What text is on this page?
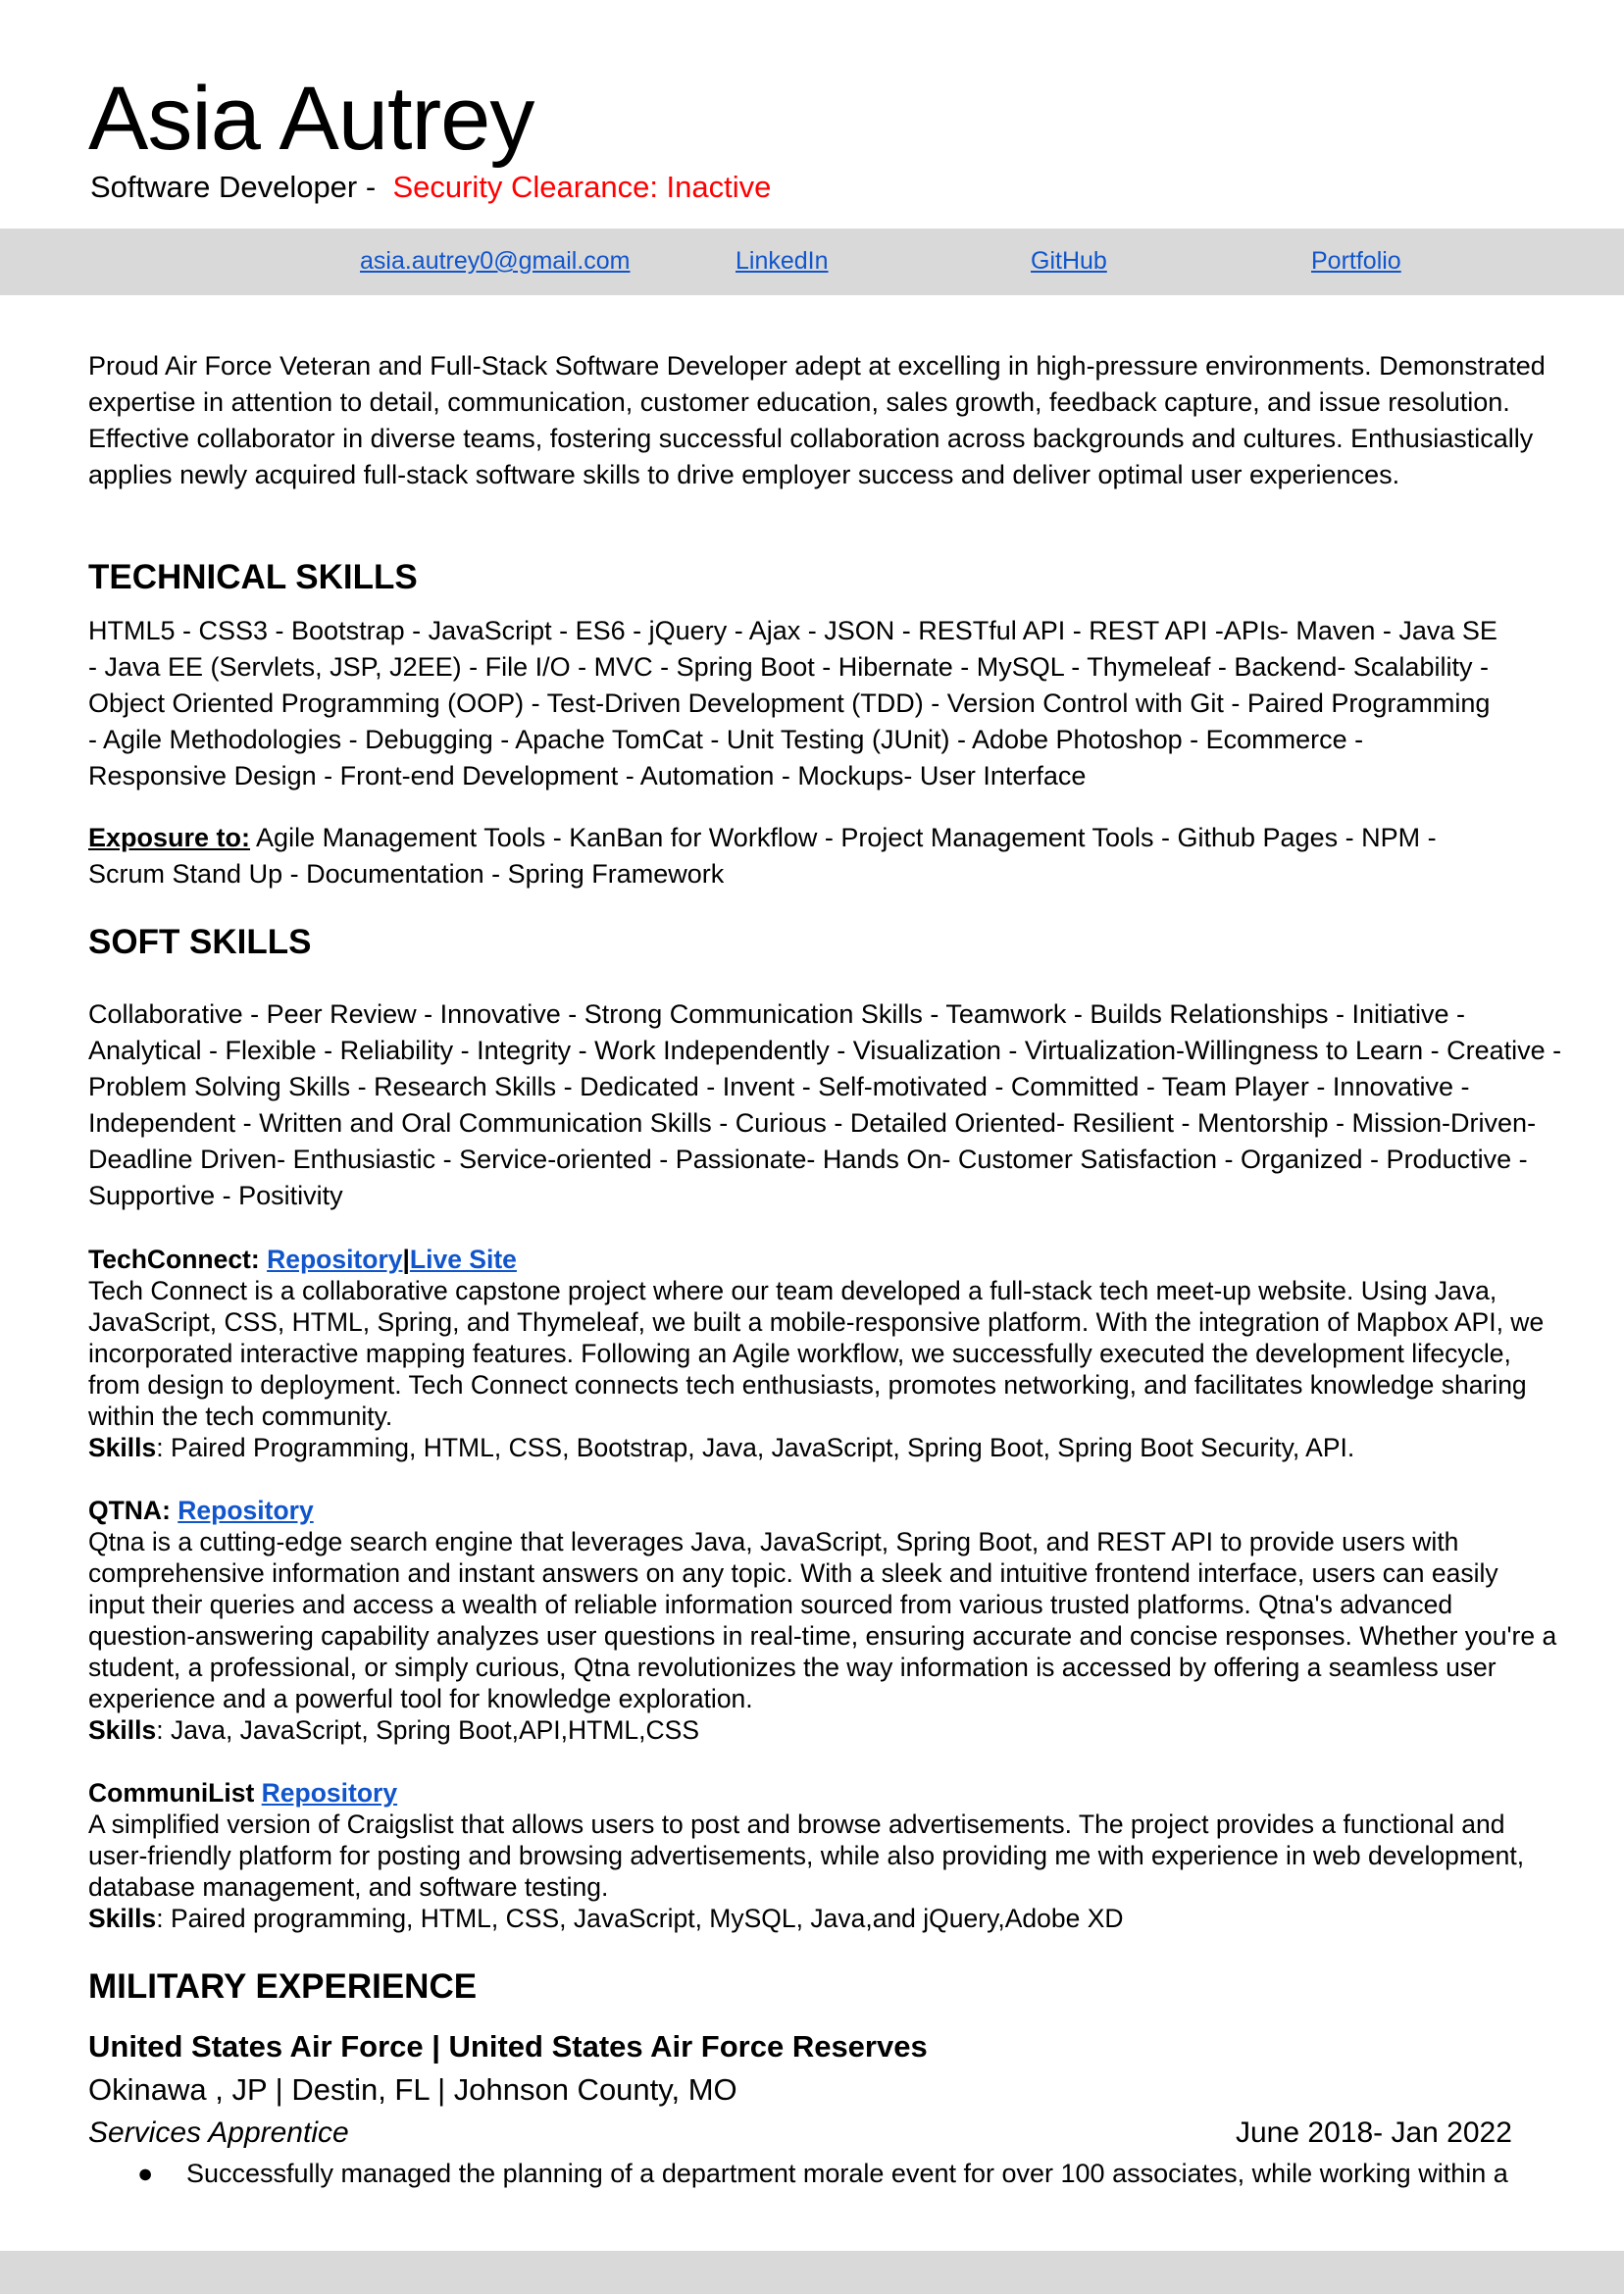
Asia Autrey
Software Developer -  Security Clearance: Inactive
asia.autrey0@gmail.com	LinkedIn	GitHub	Portfolio
Proud Air Force Veteran and Full-Stack Software Developer adept at excelling in high-pressure environments. Demonstrated expertise in attention to detail, communication, customer education, sales growth, feedback capture, and issue resolution. Effective collaborator in diverse teams, fostering successful collaboration across backgrounds and cultures. Enthusiastically applies newly acquired full-stack software skills to drive employer success and deliver optimal user experiences.
TECHNICAL SKILLS
HTML5 - CSS3 - Bootstrap - JavaScript - ES6 - jQuery - Ajax - JSON - RESTful API - REST API -APIs- Maven - Java SE - Java EE (Servlets, JSP, J2EE) - File I/O - MVC - Spring Boot - Hibernate - MySQL - Thymeleaf - Backend- Scalability - Object Oriented Programming (OOP) - Test-Driven Development (TDD) - Version Control with Git - Paired Programming - Agile Methodologies - Debugging - Apache TomCat - Unit Testing (JUnit) - Adobe Photoshop - Ecommerce - Responsive Design - Front-end Development - Automation - Mockups- User Interface
Exposure to: Agile Management Tools - KanBan for Workflow - Project Management Tools - Github Pages - NPM - Scrum Stand Up - Documentation - Spring Framework
SOFT SKILLS
Collaborative - Peer Review - Innovative - Strong Communication Skills - Teamwork - Builds Relationships - Initiative - Analytical - Flexible - Reliability - Integrity - Work Independently - Visualization - Virtualization-Willingness to Learn - Creative - Problem Solving Skills - Research Skills - Dedicated - Invent - Self-motivated - Committed - Team Player - Innovative - Independent - Written and Oral Communication Skills - Curious - Detailed Oriented- Resilient - Mentorship - Mission-Driven- Deadline Driven- Enthusiastic - Service-oriented - Passionate- Hands On- Customer Satisfaction - Organized - Productive - Supportive - Positivity
TechConnect: Repository|Live Site
Tech Connect is a collaborative capstone project where our team developed a full-stack tech meet-up website. Using Java, JavaScript, CSS, HTML, Spring, and Thymeleaf, we built a mobile-responsive platform. With the integration of Mapbox API, we incorporated interactive mapping features. Following an Agile workflow, we successfully executed the development lifecycle, from design to deployment. Tech Connect connects tech enthusiasts, promotes networking, and facilitates knowledge sharing within the tech community.
Skills: Paired Programming, HTML, CSS, Bootstrap, Java, JavaScript, Spring Boot, Spring Boot Security, API.
QTNA: Repository
Qtna is a cutting-edge search engine that leverages Java, JavaScript, Spring Boot, and REST API to provide users with comprehensive information and instant answers on any topic. With a sleek and intuitive frontend interface, users can easily input their queries and access a wealth of reliable information sourced from various trusted platforms. Qtna's advanced question-answering capability analyzes user questions in real-time, ensuring accurate and concise responses. Whether you're a student, a professional, or simply curious, Qtna revolutionizes the way information is accessed by offering a seamless user experience and a powerful tool for knowledge exploration.
Skills: Java, JavaScript, Spring Boot,API,HTML,CSS
CommuniList Repository
A simplified version of Craigslist that allows users to post and browse advertisements. The project provides a functional and user-friendly platform for posting and browsing advertisements, while also providing me with experience in web development, database management, and software testing.
Skills: Paired programming, HTML, CSS, JavaScript, MySQL, Java,and jQuery,Adobe XD
MILITARY EXPERIENCE
United States Air Force | United States Air Force Reserves
Okinawa , JP | Destin, FL | Johnson County, MO
Services Apprentice	June 2018- Jan 2022
● Successfully managed the planning of a department morale event for over 100 associates, while working within a
